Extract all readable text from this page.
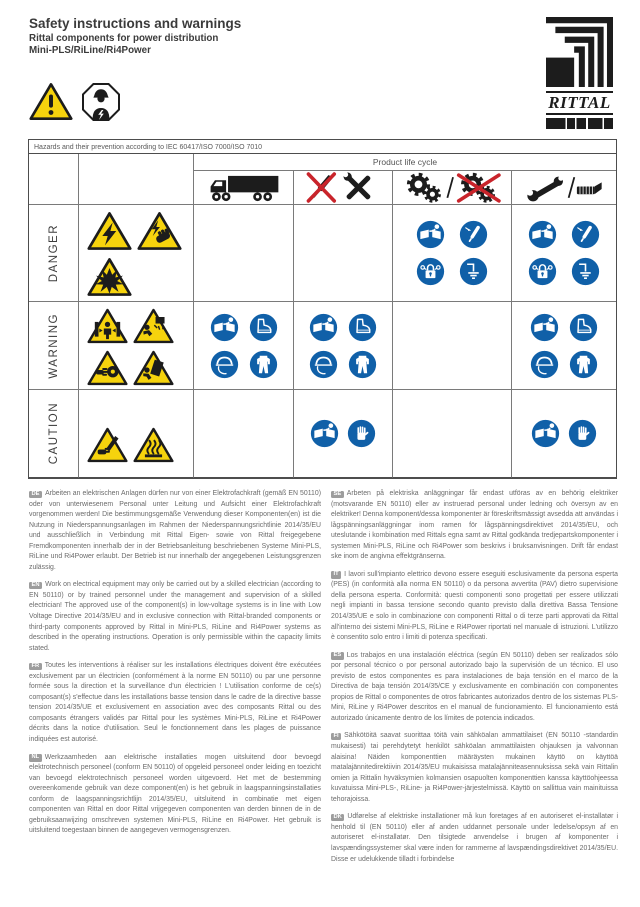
Safety instructions and warnings
Rittal components for power distribution
Mini-PLS/RiLine/Ri4Power
RITTAL
Hazards and their prevention according to IEC 60417/ISO 7000/ISO 7010
Product life cycle
DANGER
WARNING
CAUTION

DE Arbeiten an elektrischen Anlagen dürfen nur von einer Elektrofachkraft (gemäß EN 50110) oder von unterwiesenem Personal unter Leitung und Aufsicht einer Elektrofachkraft vorgenommen werden! Die bestimmungsgemäße Verwendung dieser Komponenten(en) ist die Nutzung in Niederspannungsanlagen im Rahmen der Niederspannungsrichtlinie 2014/35/EU und ausschließlich in Verbindung mit Rittal Eigen- sowie von Rittal freigegebene Fremdkomponenten innerhalb der in der Betriebsanleitung beschriebenen Systeme Mini-PLS, RiLine und Ri4Power erlaubt. Der Betrieb ist nur innerhalb der angegebenen Leistungsgrenzen zulässig.

EN Work on electrical equipment may only be carried out by a skilled electrician (according to EN 50110) or by trained personnel under the management and supervision of a skilled electrician! The approved use of the component(s) in low-voltage systems is in line with Low Voltage Directive 2014/35/EU and in exclusive connection with Rittal-branded components or third-party components approved by Rittal in Mini-PLS, RiLine and Ri4Power systems as described in the operating instructions. Operation is only permissible within the capacity limits stated.

FR Toutes les interventions à réaliser sur les installations électriques doivent être exécutées exclusivement par un électricien (conformément à la norme EN 50110) ou par une personne formée sous la direction et la surveillance d'un électricien ! L'utilisation conforme de ce(s) composant(s) s'effectue dans les installations basse tension dans le cadre de la directive basse tension 2014/35/UE et exclusivement en association avec des composants Rittal ou des composants étrangers validés par Rittal pour les systèmes Mini-PLS, RiLine et Ri4Power décrits dans la notice d'utilisation. Seul le fonctionnement dans les plages de puissance indiquées est autorisé.

NL Werkzaamheden aan elektrische installaties mogen uitsluitend door bevoegd elektrotechnisch personeel (conform EN 50110) of opgeleid personeel onder leiding en toezicht van bevoegd elektrotechnisch personeel worden uitgevoerd. Het met de bestemming overeenkomende gebruik van deze component(en) is het gebruik in laagspanningsinstallaties conform de laagspanningsrichtlijn 2014/35/EU, uitsluitend in combinatie met eigen componenten van Rittal en door Rittal vrijgegeven componenten van derden binnen de in de gebruiksaanwijzing omschreven systemen Mini-PLS, RiLine en Ri4Power. Het gebruik is uitsluitend toegestaan binnen de aangegeven vermogensgrenzen.

SE Arbeten på elektriska anläggningar får endast utföras av en behörig elektriker (motsvarande EN 50110) eller av instruerad personal under ledning och översyn av en elektriker! Denna komponent/dessa komponenter är föreskriftsmässigt avsedda att användas i lågspänningsanläggningar inom ramen för lågspänningsdirektivet 2014/35/EU, och uteslutande i kombination med Rittals egna samt av Rittal godkända tredjepartskomponenter i systemen Mini-PLS, RiLine och Ri4Power som beskrivs i bruksanvisningen. Drift får endast ske inom de angivna effektgränserna.

IT I lavori sull'impianto elettrico devono essere eseguiti esclusivamente da persona esperta (PES) (in conformità alla norma EN 50110) o da persona avvertita (PAV) dietro supervisione della persona esperta. Conformità: questi componenti sono progettati per essere utilizzati negli impianti in bassa tensione secondo quanto previsto dalla direttiva Bassa Tensione 2014/35/UE e solo in combinazione con componenti Rittal o di terze parti approvati da Rittal all'interno dei sistemi Mini-PLS, RiLine e Ri4Power riportati nel manuale di istruzioni. L'utilizzo è consentito solo entro i limiti di potenza specificati.

ES Los trabajos en una instalación eléctrica (según EN 50110) deben ser realizados sólo por personal técnico o por personal autorizado bajo la supervisión de un técnico. El uso previsto de estos componentes es para instalaciones de baja tensión en el marco de la Directiva de baja tensión 2014/35/CE y exclusivamente en combinación con componentes propios de Rittal o componentes de otros fabricantes autorizados dentro de los sistemas PLS-Mini, RiLine y Ri4Power descritos en el manual de funcionamiento. El funcionamiento está autorizado únicamente dentro de los límites de potencia indicados.

FI Sähkötöitä saavat suorittaa töitä vain sähköalan ammattilaiset (EN 50110 -standardin mukaisesti) tai perehdytetyt henkilöt sähköalan ammattilaisten ohjauksen ja valvonnan alaisina! Näiden komponenttien määräysten mukainen käyttö on käyttöä matalajännitedirektiivin 2014/35/EU mukaisissa matalajänniteasennuksissa sekä vain Rittalin omien ja Rittalin hyväksymien kolmansien osapuolten komponenttien kanssa käyttöohjeessa kuvatuissa Mini-PLS-, RiLine- ja Ri4Power-järjestelmissä. Käyttö on sallittua vain mainituissa tehorajoissa.

DK Udførelse af elektriske installationer må kun foretages af en autoriseret el-installatør i henhold til (EN 50110) eller af anden uddannet personale under ledelse/opsyn af en autoriseret el-installatør. Den tilsigtede anvendelse i brugen af komponenter i lavspændingssystemer skal være inden for rammerne af lavspændingsdirektivet 2014/35/EU. Disse er udelukkende tilladt i forbindelse
